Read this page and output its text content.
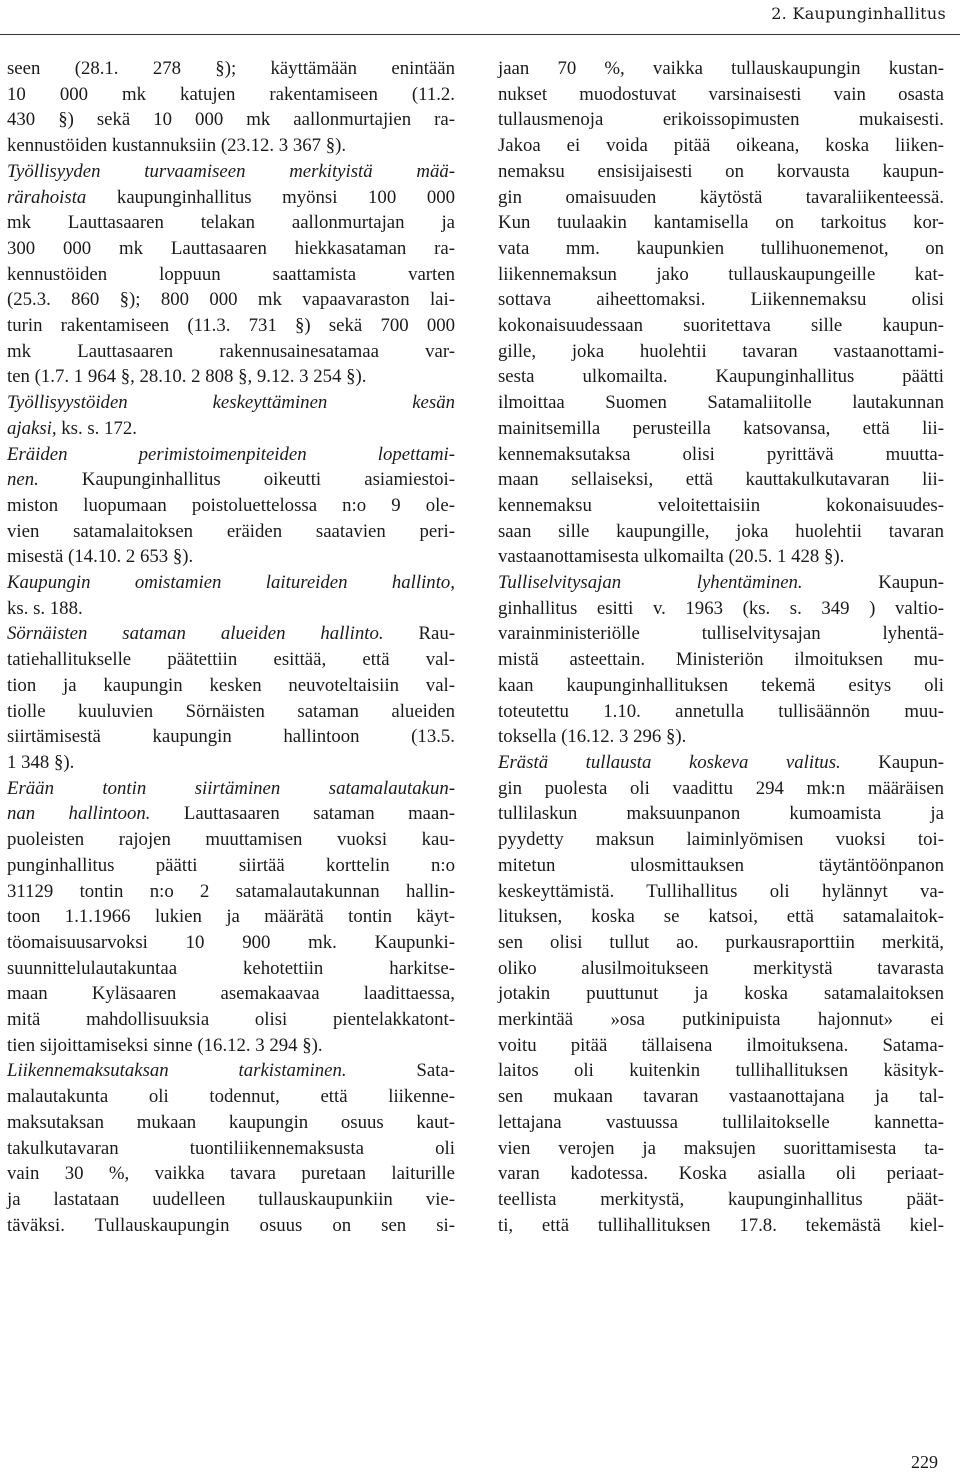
2. Kaupunginhallitus
seen (28.1. 278 §); käyttämään enintään
10 000 mk katujen rakentamiseen (11.2.
430 §) sekä 10 000 mk aallonmurtajien ra-
kennustöiden kustannuksiin (23.12. 3 367 §).
Työllisyyden turvaamiseen merkityistä mää-
rärahoista kaupunginhallitus myönsi 100 000
mk Lauttasaaren telakan aallonmurtajan ja
300 000 mk Lauttasaaren hiekkasataman ra-
kennustöiden loppuun saattamista varten
(25.3. 860 §); 800 000 mk vapaavaraston lai-
turin rakentamiseen (11.3. 731 §) sekä 700 000
mk Lauttasaaren rakennusainesatamaa var-
ten (1.7. 1 964 §, 28.10. 2 808 §, 9.12. 3 254 §).
Työllisyystöiden keskeyttäminen kesän
ajaksi, ks. s. 172.
Eräiden perimistoimenpiteiden lopettami-
nen. Kaupunginhallitus oikeutti asiamiestoi-
miston luopumaan poistoluettelossa n:o 9 ole-
vien satamalaitoksen eräiden saatavien peri-
misestä (14.10. 2 653 §).
Kaupungin omistamien laitureiden hallinto,
ks. s. 188.
Sörnäisten sataman alueiden hallinto. Rau-
tatiehallitukselle päätettiin esittää, että val-
tion ja kaupungin kesken neuvoteltaisiin val-
tiolle kuuluvien Sörnäisten sataman alueiden
siirtämisestä kaupungin hallintoon (13.5.
1 348 §).
Erään tontin siirtäminen satamalautakun-
nan hallintoon. Lauttasaaren sataman maan-
puoleisten rajojen muuttamisen vuoksi kau-
punginhallitus päätti siirtää korttelin n:o
31129 tontin n:o 2 satamalautakunnan hallin-
toon 1.1.1966 lukien ja määrätä tontin käyt-
töomaisuusarvoksi 10 900 mk. Kaupunki-
suunnittelulautakuntaa kehotettiin harkitse-
maan Kyläsaaren asemakaavaa laadittaessa,
mitä mahdollisuuksia olisi pientelakkatont-
tien sijoittamiseksi sinne (16.12. 3 294 §).
Liikennemaksutaksan tarkistaminen. Sata-
malautakunta oli todennut, että liikenne-
maksutaksan mukaan kaupungin osuus kaut-
takulkutavaran tuontiliikennemaksusta oli
vain 30 %, vaikka tavara puretaan laiturille
ja lastataan uudelleen tullauskaupunkiin vie-
täväksi. Tullauskaupungin osuus on sen si-
jaan 70 %, vaikka tullauskaupungin kustan-
nukset muodostuvat varsinaisesti vain osasta
tullausmenoja erikoissopimusten mukaisesti.
Jakoa ei voida pitää oikeana, koska liiken-
nemaksu ensisijaisesti on korvausta kaupun-
gin omaisuuden käytöstä tavaraliikenteessä.
Kun tuulaakin kantamisella on tarkoitus kor-
vata mm. kaupunkien tullihuonemenot, on
liikennemaksun jako tullauskaupungeille kat-
sottava aiheettomaksi. Liikennemaksu olisi
kokonaisuudessaan suoritettava sille kaupun-
gille, joka huolehtii tavaran vastaanottami-
sesta ulkomailta. Kaupunginhallitus päätti
ilmoittaa Suomen Satamaliitolle lautakunnan
mainitsemilla perusteilla katsovansa, että lii-
kennemaksutaksa olisi pyrittävä muutta-
maan sellaiseksi, että kauttakulkutavaran lii-
kennemaksu veloitettaisiin kokonaisuudes-
saan sille kaupungille, joka huolehtii tavaran
vastaanottamisesta ulkomailta (20.5. 1 428 §).
Tulliselvitysajan lyhentäminen. Kaupun-
ginhallitus esitti v. 1963 (ks. s. 349 ) valtio-
varainministeriölle tulliselvitysajan lyhentä-
mistä asteettain. Ministeriön ilmoituksen mu-
kaan kaupunginhallituksen tekemä esitys oli
toteutettu 1.10. annetulla tullisäännön muu-
toksella (16.12. 3 296 §).
Erästä tullausta koskeva valitus. Kaupun-
gin puolesta oli vaadittu 294 mk:n määräisen
tullilaskun maksuunpanon kumoamista ja
pyydetty maksun laiminlyömisen vuoksi toi-
mitetun ulosmittauksen täytäntöönpanon
keskeyttämistä. Tullihallitus oli hylännyt va-
lituksen, koska se katsoi, että satamalaitok-
sen olisi tullut ao. purkausraporttiin merkitä,
oliko alusilmoitukseen merkitystä tavarasta
jotakin puuttunut ja koska satamalaitoksen
merkintää »osa putkinipuista hajonnut» ei
voitu pitää tällaisena ilmoituksena. Satama-
laitos oli kuitenkin tullihallituksen käsityk-
sen mukaan tavaran vastaanottajana ja tal-
lettajana vastuussa tullilaitokselle kannetta-
vien verojen ja maksujen suorittamisesta ta-
varan kadotessa. Koska asialla oli periaat-
teellista merkitystä, kaupunginhallitus päät-
ti, että tullihallituksen 17.8. tekemästä kiel-
229
